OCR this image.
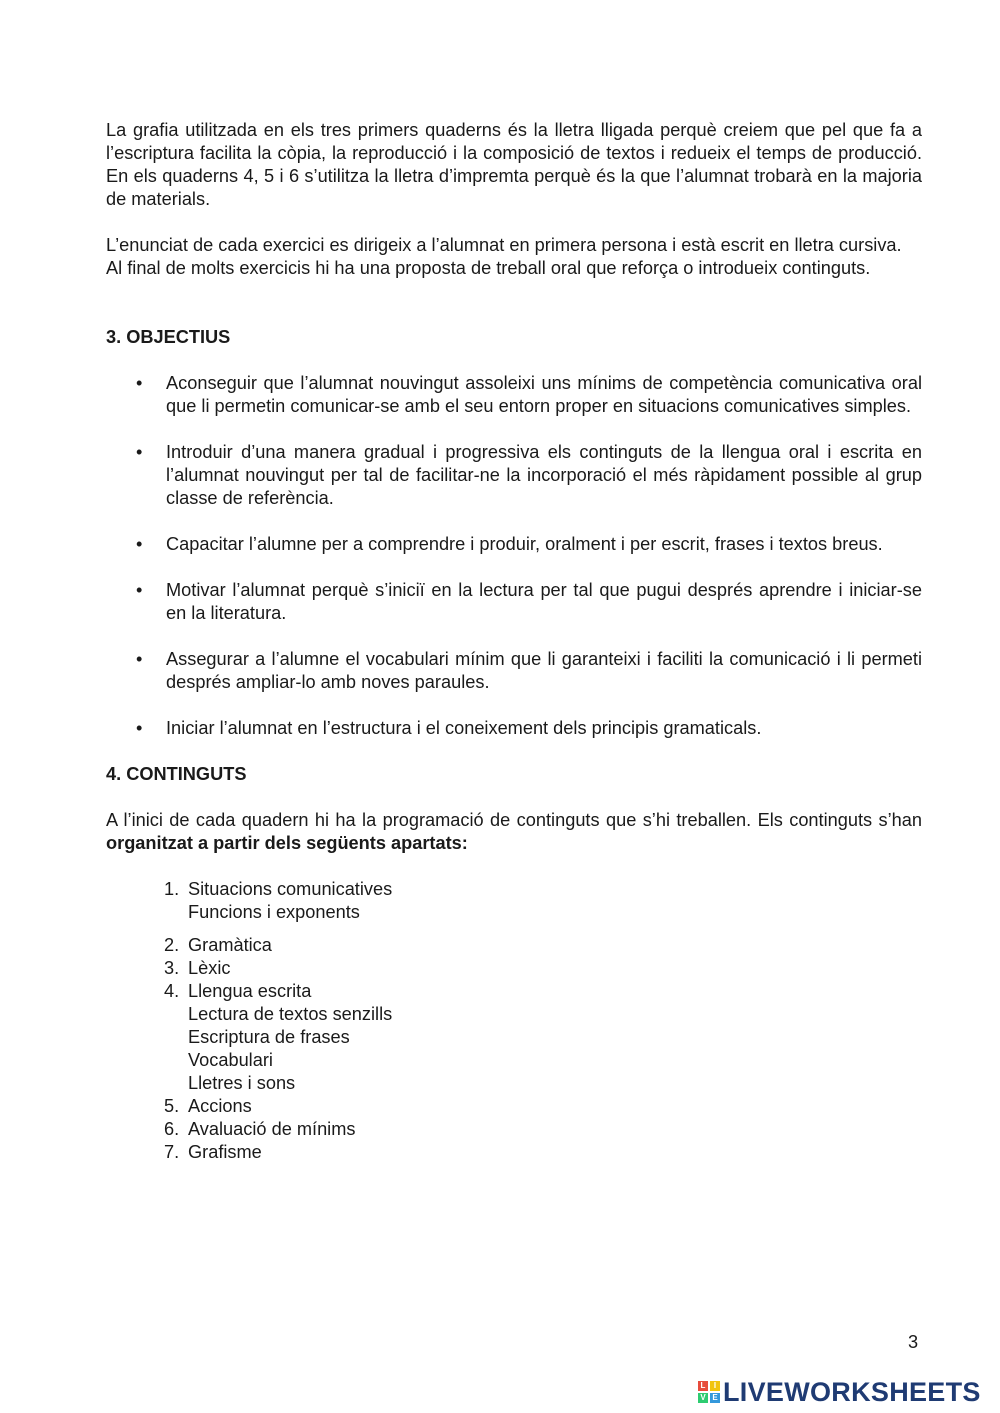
La grafia utilitzada en els tres primers quaderns és la lletra lligada perquè creiem que pel que fa a l’escriptura facilita la còpia, la reproducció i la composició de textos i redueix el temps de producció. En els quaderns 4, 5 i 6 s’utilitza la lletra d’impremta perquè és la que l’alumnat trobarà en la majoria de materials.

L’enunciat de cada exercici es dirigeix a l’alumnat en primera persona i està escrit en lletra cursiva.

Al final de molts exercicis hi ha una proposta de treball oral que reforça o introdueix continguts.

3. OBJECTIUS
• Aconseguir que l’alumnat nouvingut assoleixi uns mínims de competència comunicativa oral que li permetin comunicar-se amb el seu entorn proper en situacions comunicatives simples.
• Introduir d’una manera gradual i progressiva els continguts de la llengua oral i escrita en l’alumnat nouvingut per tal de facilitar-ne la incorporació el més ràpidament possible al grup classe de referència.
• Capacitar l’alumne per a comprendre i produir, oralment i per escrit, frases i textos breus.
• Motivar l’alumnat perquè s’iniciï en la lectura per tal que pugui després aprendre i iniciar-se en la literatura.
• Assegurar a l’alumne el vocabulari mínim que li garanteixi i faciliti la comunicació i li permeti després ampliar-lo amb noves paraules.
• Iniciar l’alumnat en l’estructura i el coneixement dels principis gramaticals.
4. CONTINGUTS

A l’inici de cada quadern hi ha la programació de continguts que s’hi treballen. Els continguts s’han organitzat a partir dels següents apartats:

1. Situacions comunicatives
Funcions i exponents
2. Gramàtica
3. Lèxic
4. Llengua escrita
Lectura de textos senzills
Escriptura de frases
Vocabulari
Lletres i sons
5. Accions
6. Avaluació de mínims
7. Grafisme
3
L	I
V E LIVEWORKSHEETS
